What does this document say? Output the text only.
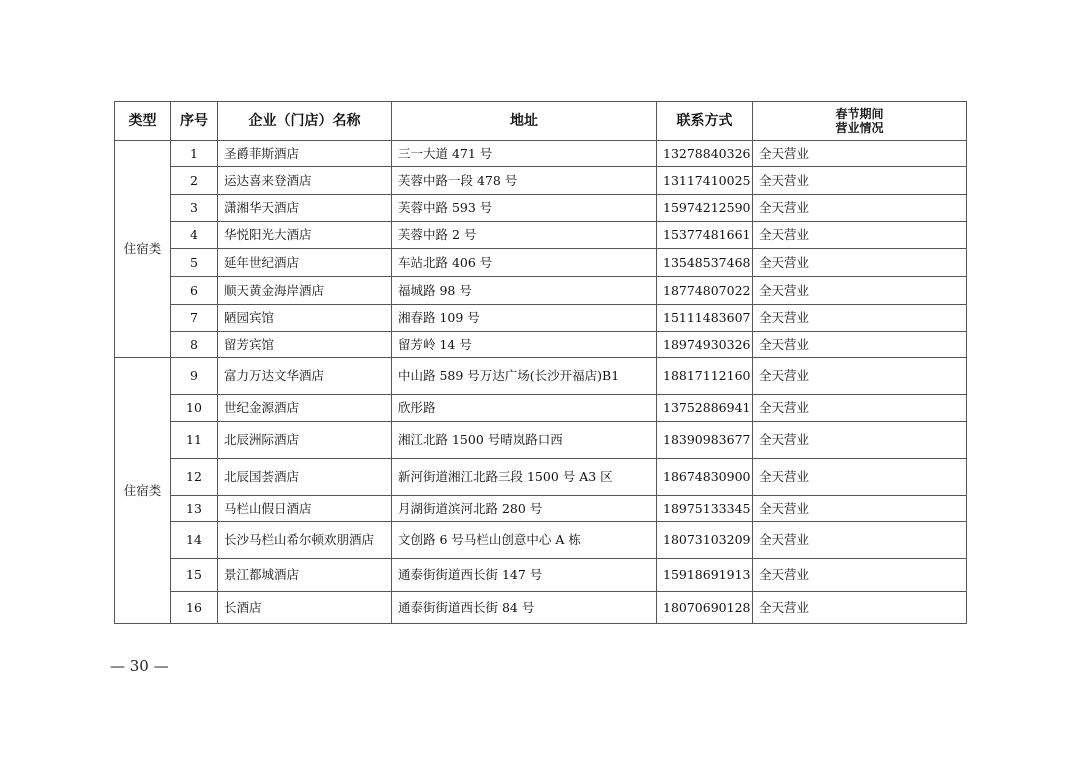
类型	序号	企业（门店）名称	地址	联系方式	春节期间
营业情况
住宿类	1	圣爵菲斯酒店	三一大道 471 号	13278840326	全天营业
	2	运达喜来登酒店	芙蓉中路一段 478 号	13117410025	全天营业
	3	潇湘华天酒店	芙蓉中路 593 号	15974212590	全天营业
	4	华悦阳光大酒店	芙蓉中路 2 号	15377481661	全天营业
	5	延年世纪酒店	车站北路 406 号	13548537468	全天营业
	6	顺天黄金海岸酒店	福城路 98 号	18774807022	全天营业
	7	陋园宾馆	湘春路 109 号	15111483607	全天营业
	8	留芳宾馆	留芳岭 14 号	18974930326	全天营业
住宿类	9	富力万达文华酒店	中山路 589 号万达广场(长沙开福店)B1	18817112160	全天营业
	10	世纪金源酒店	欣彤路	13752886941	全天营业
	11	北辰洲际酒店	湘江北路 1500 号晴岚路口西	18390983677	全天营业
	12	北辰国荟酒店	新河街道湘江北路三段 1500 号 A3 区	18674830900	全天营业
	13	马栏山假日酒店	月湖街道滨河北路 280 号	18975133345	全天营业
	14	长沙马栏山希尔顿欢朋酒店	文创路 6 号马栏山创意中心 A 栋	18073103209	全天营业
	15	景江都城酒店	通泰街街道西长街 147 号	15918691913	全天营业
	16	长酒店	通泰街街道西长街 84 号	18070690128	全天营业
— 30 —
